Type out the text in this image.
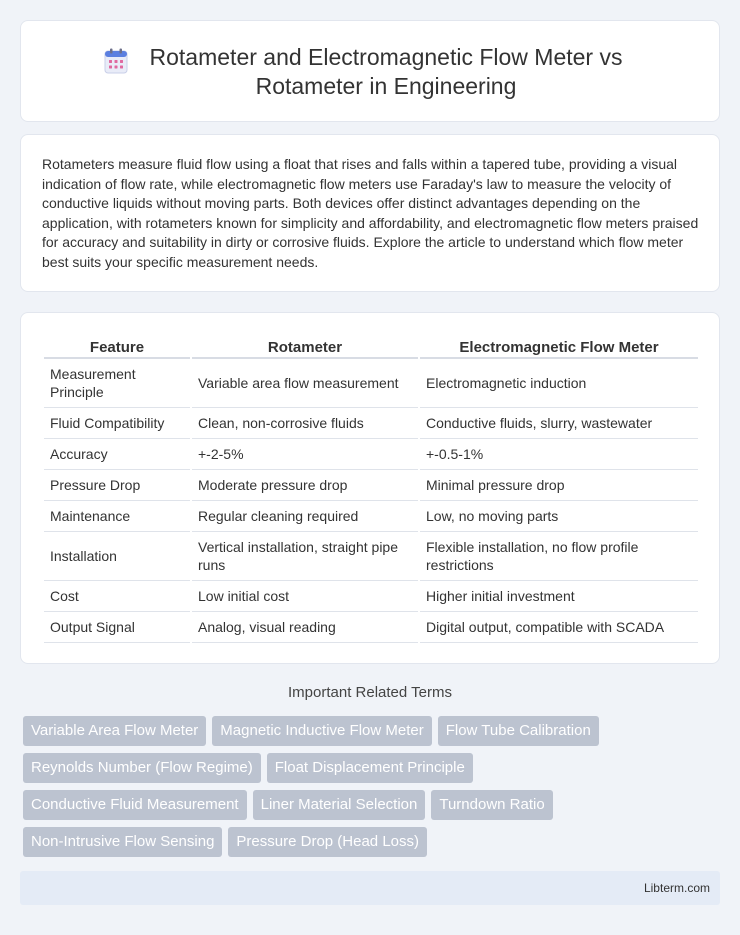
Rotameter and Electromagnetic Flow Meter vs Rotameter in Engineering

Rotameters measure fluid flow using a float that rises and falls within a tapered tube, providing a visual indication of flow rate, while electromagnetic flow meters use Faraday's law to measure the velocity of conductive liquids without moving parts. Both devices offer distinct advantages depending on the application, with rotameters known for simplicity and affordability, and electromagnetic flow meters praised for accuracy and suitability in dirty or corrosive fluids. Explore the article to understand which flow meter best suits your specific measurement needs.

Feature	Rotameter	Electromagnetic Flow Meter
Measurement Principle	Variable area flow measurement	Electromagnetic induction
Fluid Compatibility	Clean, non-corrosive fluids	Conductive fluids, slurry, wastewater
Accuracy	+-2-5%	+-0.5-1%
Pressure Drop	Moderate pressure drop	Minimal pressure drop
Maintenance	Regular cleaning required	Low, no moving parts
Installation	Vertical installation, straight pipe runs	Flexible installation, no flow profile restrictions
Cost	Low initial cost	Higher initial investment
Output Signal	Analog, visual reading	Digital output, compatible with SCADA
Important Related Terms
Variable Area Flow Meter	Magnetic Inductive Flow Meter	Flow Tube Calibration
Reynolds Number (Flow Regime)	Float Displacement Principle
Conductive Fluid Measurement	Liner Material Selection	Turndown Ratio
Non-Intrusive Flow Sensing	Pressure Drop (Head Loss)
Libterm.com
